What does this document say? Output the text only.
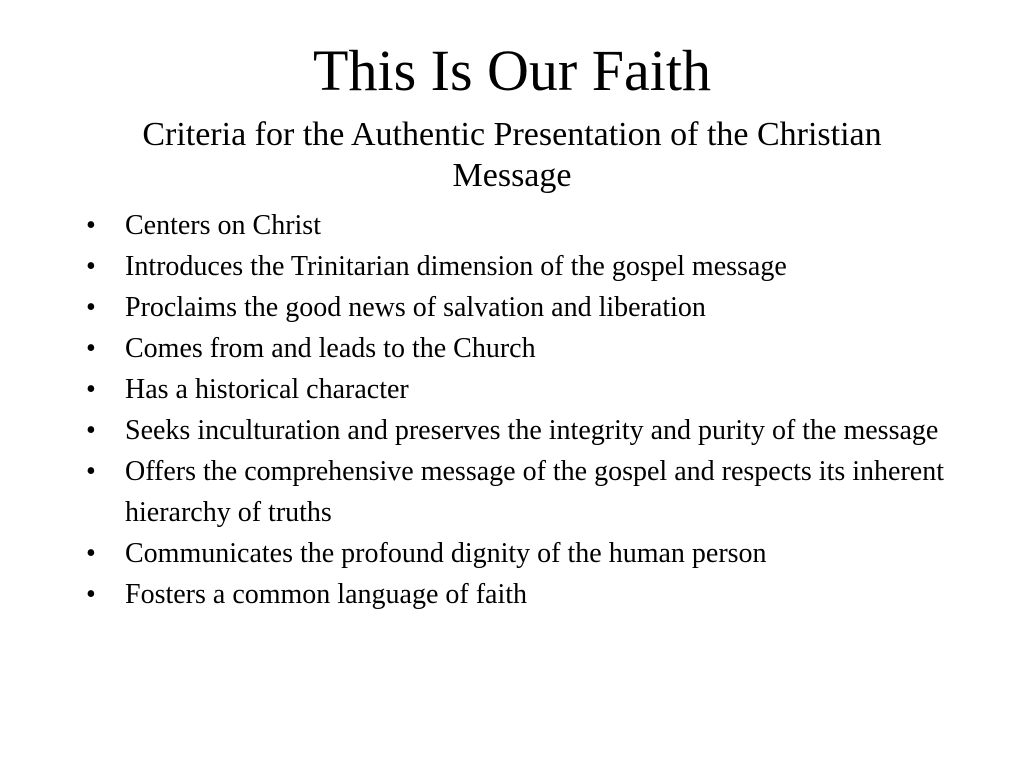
This Is Our Faith

Criteria for the Authentic Presentation of the Christian Message

• Centers on Christ
• Introduces the Trinitarian dimension of the gospel message
• Proclaims the good news of salvation and liberation
• Comes from and leads to the Church
• Has a historical character
• Seeks inculturation and preserves the integrity and purity of the message
• Offers the comprehensive message of the gospel and respects its inherent hierarchy of truths
• Communicates the profound dignity of the human person
• Fosters a common language of faith
